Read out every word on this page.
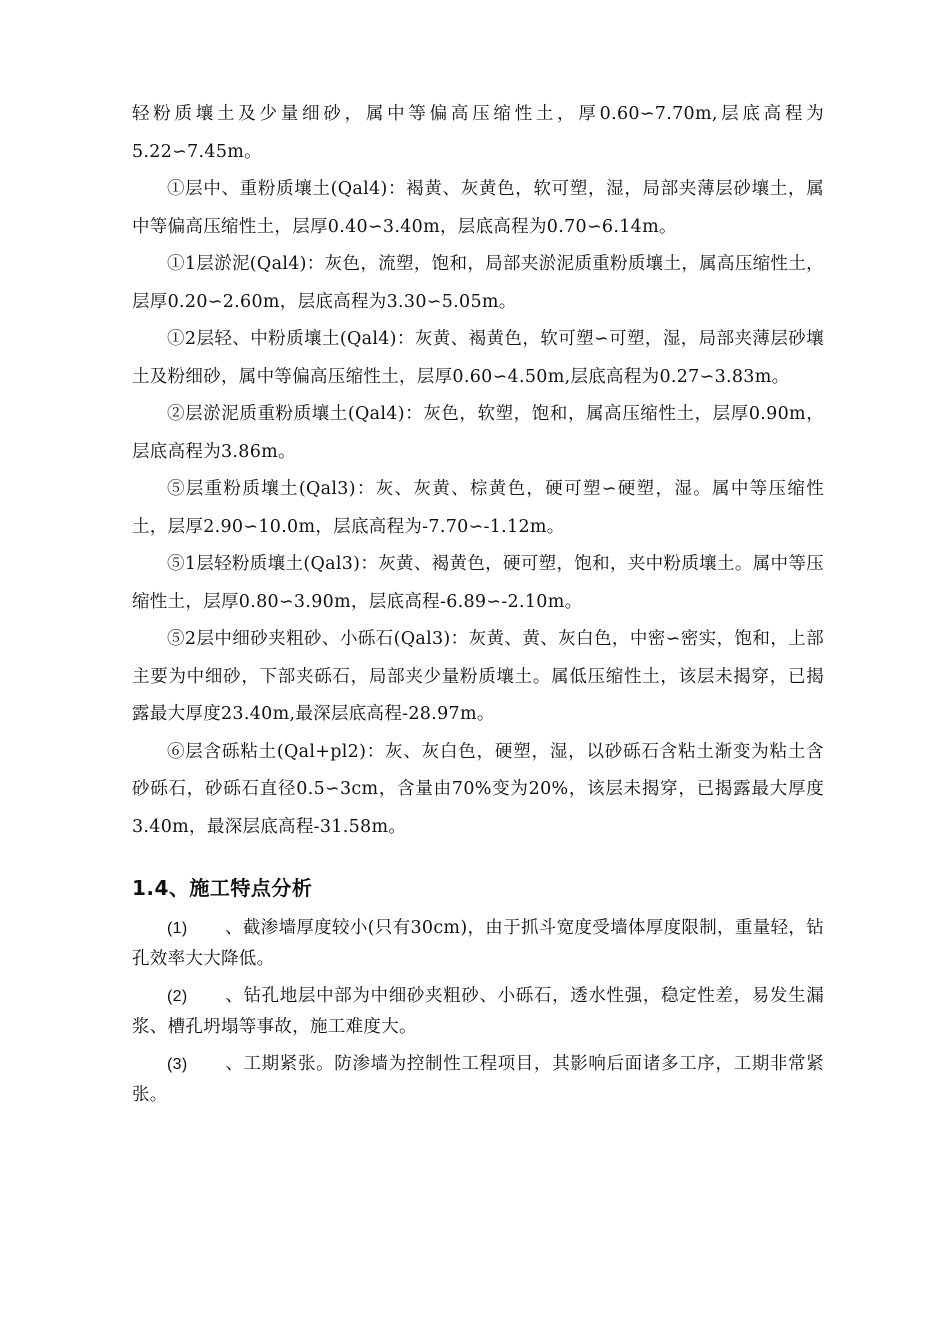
轻粉质壤土及少量细砂，属中等偏高压缩性土，厚0.60∽7.70m,层底高程为5.22∽7.45m。

①层中、重粉质壤土(Qal4)：褐黄、灰黄色，软可塑，湿，局部夹薄层砂壤土，属中等偏高压缩性土，层厚0.40∽3.40m，层底高程为0.70∽6.14m。

①1层淤泥(Qal4)：灰色，流塑，饱和，局部夹淤泥质重粉质壤土，属高压缩性土，层厚0.20∽2.60m，层底高程为3.30∽5.05m。

①2层轻、中粉质壤土(Qal4)：灰黄、褐黄色，软可塑∽可塑，湿，局部夹薄层砂壤土及粉细砂，属中等偏高压缩性土，层厚0.60∽4.50m,层底高程为0.27∽3.83m。

②层淤泥质重粉质壤土(Qal4)：灰色，软塑，饱和，属高压缩性土，层厚0.90m，层底高程为3.86m。

⑤层重粉质壤土(Qal3)：灰、灰黄、棕黄色，硬可塑∽硬塑，湿。属中等压缩性土，层厚2.90∽10.0m，层底高程为-7.70∽-1.12m。

⑤1层轻粉质壤土(Qal3)：灰黄、褐黄色，硬可塑，饱和，夹中粉质壤土。属中等压缩性土，层厚0.80∽3.90m，层底高程-6.89∽-2.10m。

⑤2层中细砂夹粗砂、小砾石(Qal3)：灰黄、黄、灰白色，中密∽密实，饱和，上部主要为中细砂，下部夹砾石，局部夹少量粉质壤土。属低压缩性土，该层未揭穿，已揭露最大厚度23.40m,最深层底高程-28.97m。

⑥层含砾粘土(Qal+pl2)：灰、灰白色，硬塑，湿，以砂砾石含粘土渐变为粘土含砂砾石，砂砾石直径0.5∽3cm，含量由70%变为20%，该层未揭穿，已揭露最大厚度3.40m，最深层底高程-31.58m。

1.4、施工特点分析

(1) 、截渗墙厚度较小(只有30cm)，由于抓斗宽度受墙体厚度限制，重量轻，钻孔效率大大降低。

(2) 、钻孔地层中部为中细砂夹粗砂、小砾石，透水性强，稳定性差，易发生漏浆、槽孔坍塌等事故，施工难度大。

(3) 、工期紧张。防渗墙为控制性工程项目，其影响后面诸多工序，工期非常紧张。
